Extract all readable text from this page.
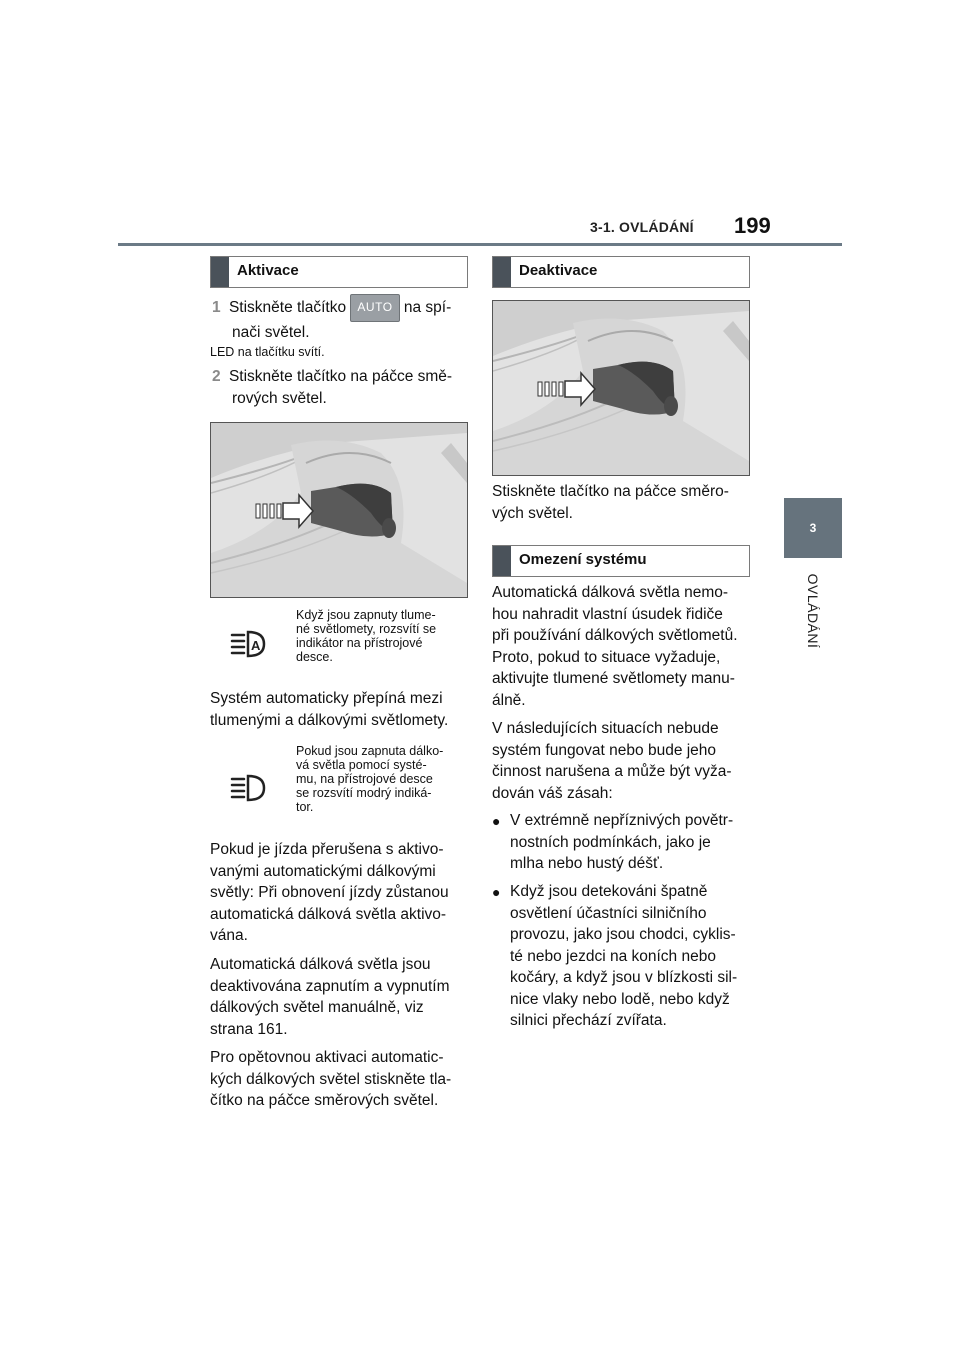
3-1. OVLÁDÁNÍ 199
3
OVLÁDÁNÍ
Aktivace
1 Stiskněte tlačítko AUTO na spí-
nači světel.
LED na tlačítku svítí.
2 Stiskněte tlačítko na páčce smě-
rových světel.
A
Když jsou zapnuty tlume-
né světlomety, rozsvítí se
indikátor na přístrojové
desce.
Systém automaticky přepíná mezi
tlumenými a dálkovými světlomety.
Pokud jsou zapnuta dálko-
vá světla pomocí systé-
mu, na přístrojové desce
se rozsvítí modrý indiká-
tor.
Pokud je jízda přerušena s aktivo-
vanými automatickými dálkovými
světly: Při obnovení jízdy zůstanou
automatická dálková světla aktivo-
vána.
Automatická dálková světla jsou
deaktivována zapnutím a vypnutím
dálkových světel manuálně, viz
strana 161.
Pro opětovnou aktivaci automatic-
kých dálkových světel stiskněte tla-
čítko na páčce směrových světel.
Deaktivace
Stiskněte tlačítko na páčce směro-
vých světel.
Omezení systému
Automatická dálková světla nemo-
hou nahradit vlastní úsudek řidiče
při používání dálkových světlometů.
Proto, pokud to situace vyžaduje,
aktivujte tlumené světlomety manu-
álně.
V následujících situacích nebude
systém fungovat nebo bude jeho
činnost narušena a může být vyža-
dován váš zásah:
● V extrémně nepříznivých povětr-
nostních podmínkách, jako je
mlha nebo hustý déšť.
● Když jsou detekováni špatně
osvětlení účastníci silničního
provozu, jako jsou chodci, cyklis-
té nebo jezdci na koních nebo
kočáry, a když jsou v blízkosti sil-
nice vlaky nebo lodě, nebo když
silnici přechází zvířata.
